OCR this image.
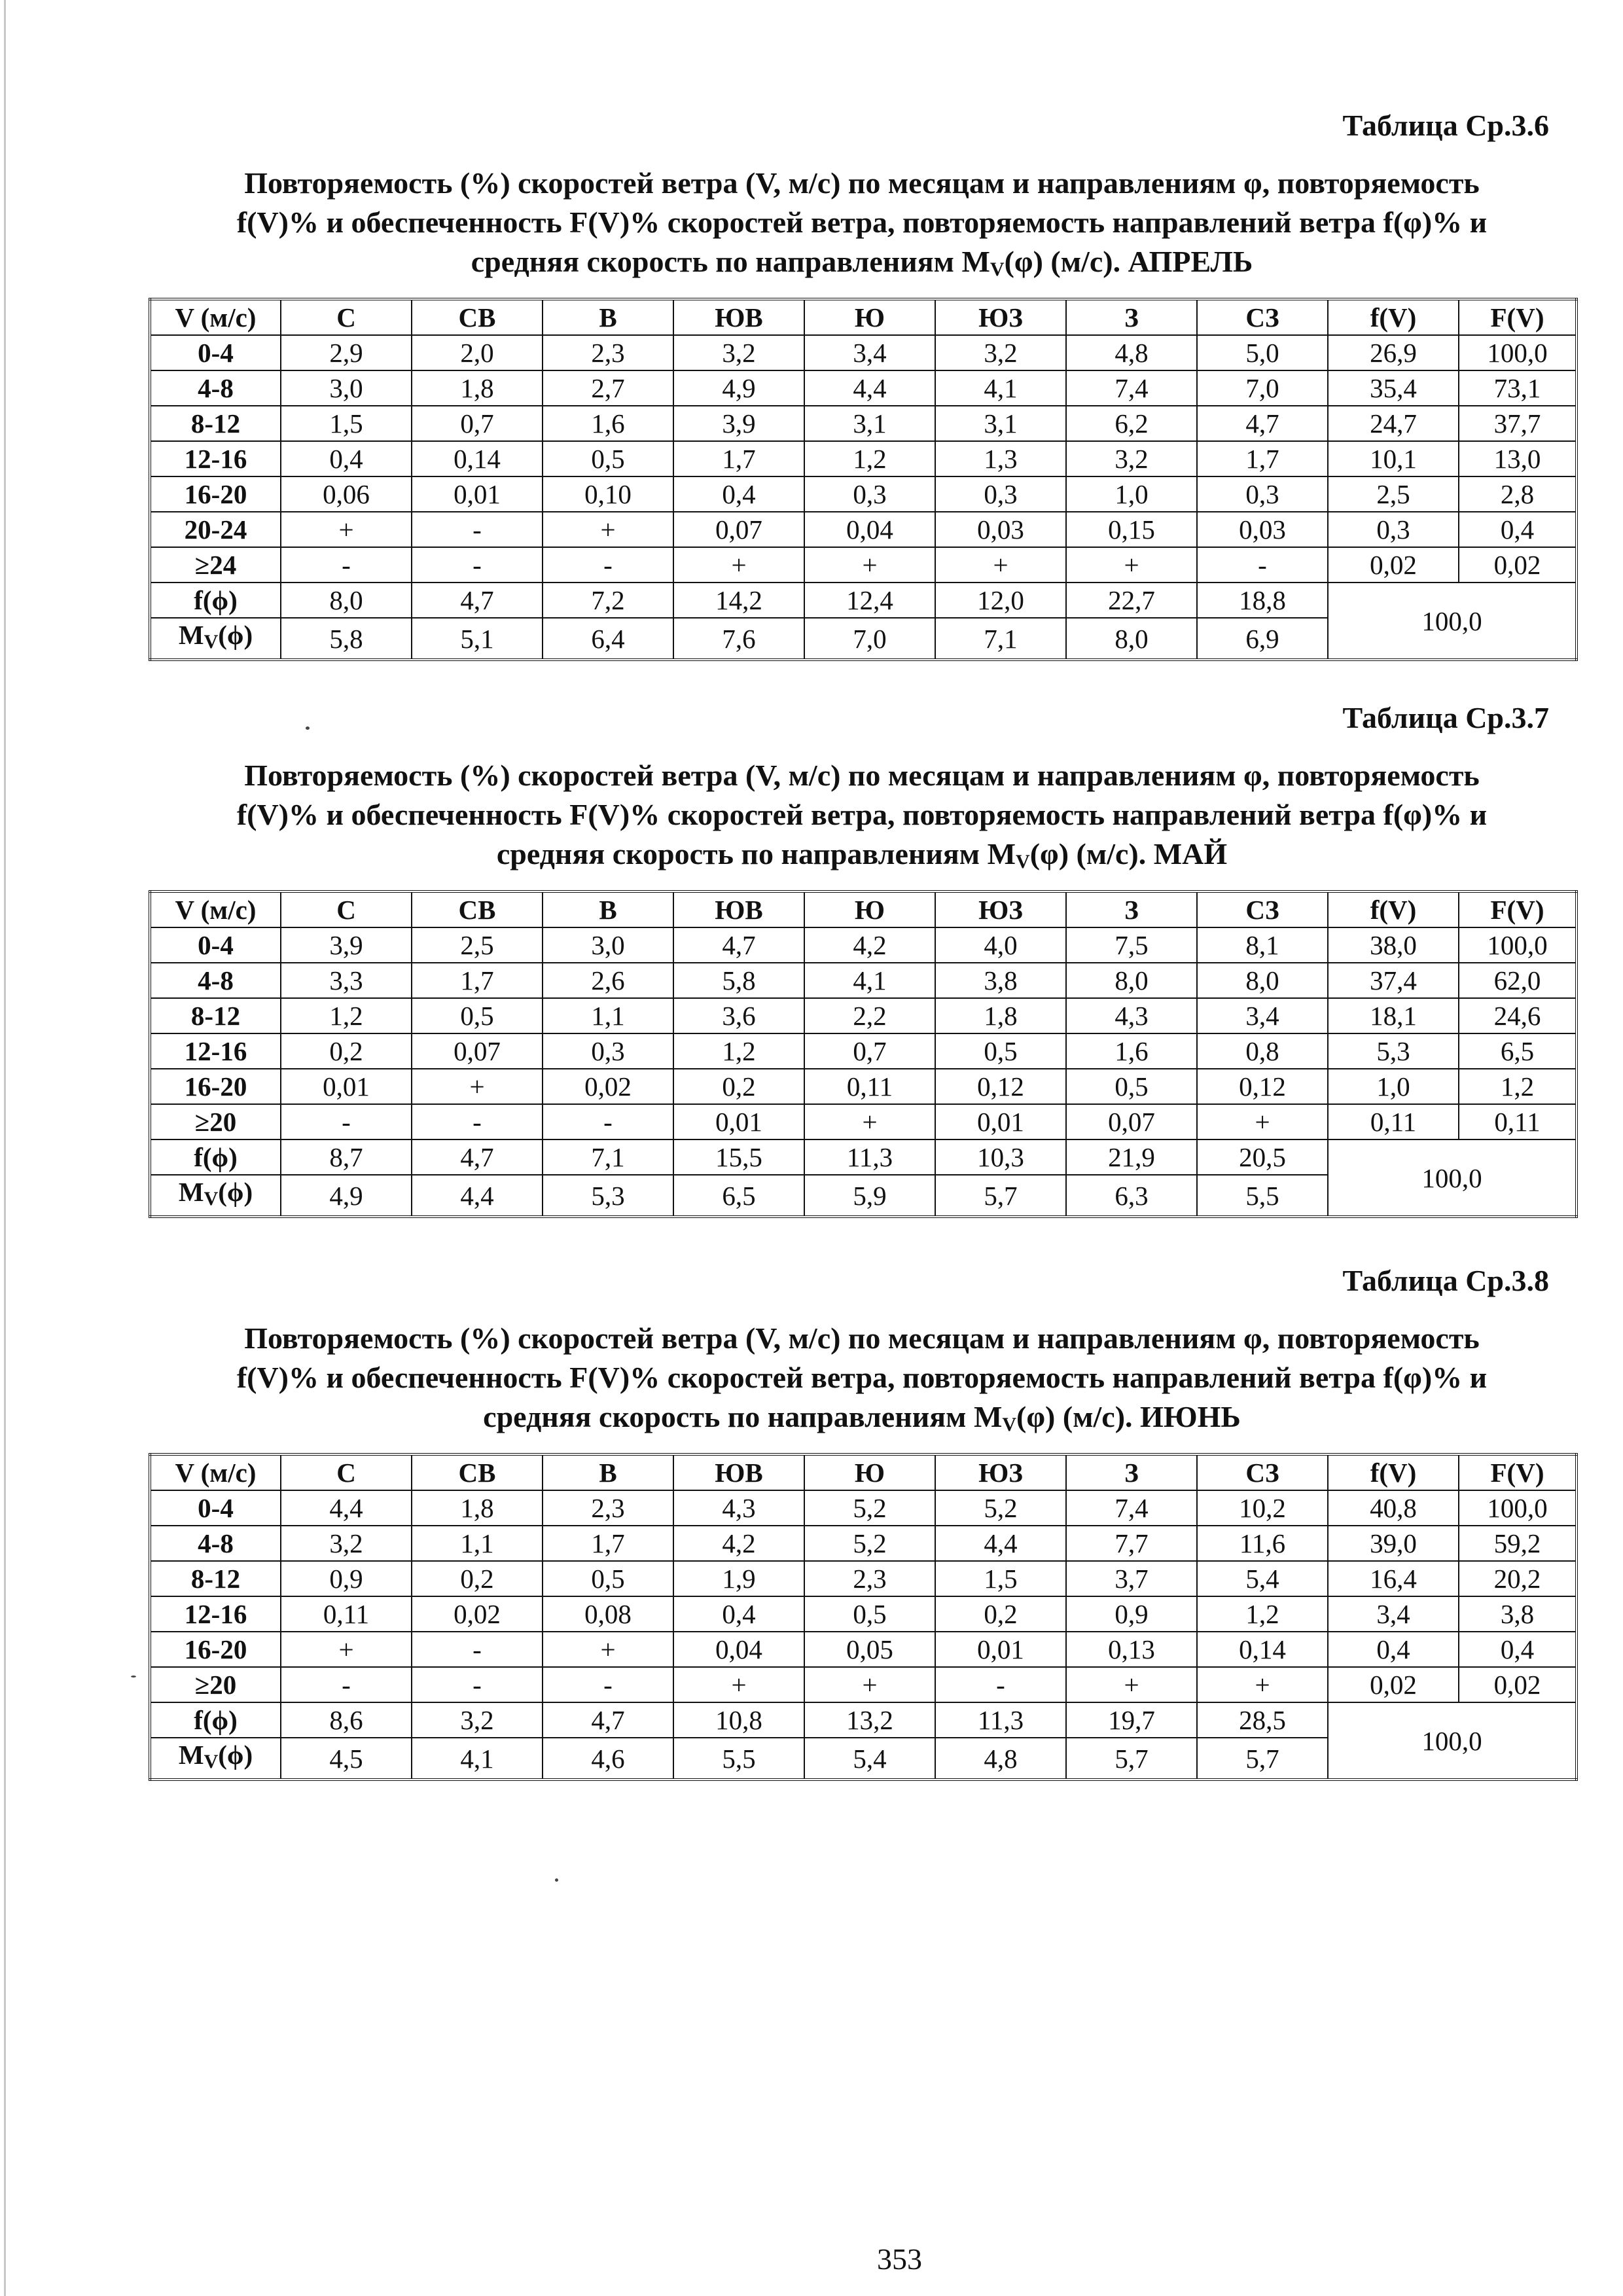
Таблица Ср.3.6
Повторяемость (%) скоростей ветра (V, м/с) по месяцам и направлениям φ, повторяемость
f(V)% и обеспеченность F(V)% скоростей ветра, повторяемость направлений ветра f(φ)% и
средняя скорость по направлениям $M_V(\varphi)$ (м/с). АПРЕЛЬ
V (м/с)	С	СВ	В	ЮВ	Ю	ЮЗ	З	СЗ	f(V)	F(V)
0-4	2,9	2,0	2,3	3,2	3,4	3,2	4,8	5,0	26,9	100,0
4-8	3,0	1,8	2,7	4,9	4,4	4,1	7,4	7,0	35,4	73,1
8-12	1,5	0,7	1,6	3,9	3,1	3,1	6,2	4,7	24,7	37,7
12-16	0,4	0,14	0,5	1,7	1,2	1,3	3,2	1,7	10,1	13,0
16-20	0,06	0,01	0,10	0,4	0,3	0,3	1,0	0,3	2,5	2,8
20-24	+	-	+	0,07	0,04	0,03	0,15	0,03	0,3	0,4
≥24	-	-	-	+	+	+	+	-	0,02	0,02
f(ϕ)	8,0	4,7	7,2	14,2	12,4	12,0	22,7	18,8	100,0	
$M_V(\phi)$	5,8	5,1	6,4	7,6	7,0	7,1	8,0	6,9		
Таблица Ср.3.7
Повторяемость (%) скоростей ветра (V, м/с) по месяцам и направлениям φ, повторяемость
f(V)% и обеспеченность F(V)% скоростей ветра, повторяемость направлений ветра f(φ)% и
средняя скорость по направлениям $M_V(\varphi)$ (м/с). МАЙ
V (м/с)	С	СВ	В	ЮВ	Ю	ЮЗ	З	СЗ	f(V)	F(V)
0-4	3,9	2,5	3,0	4,7	4,2	4,0	7,5	8,1	38,0	100,0
4-8	3,3	1,7	2,6	5,8	4,1	3,8	8,0	8,0	37,4	62,0
8-12	1,2	0,5	1,1	3,6	2,2	1,8	4,3	3,4	18,1	24,6
12-16	0,2	0,07	0,3	1,2	0,7	0,5	1,6	0,8	5,3	6,5
16-20	0,01	+	0,02	0,2	0,11	0,12	0,5	0,12	1,0	1,2
≥20	-	-	-	0,01	+	0,01	0,07	+	0,11	0,11
f(ϕ)	8,7	4,7	7,1	15,5	11,3	10,3	21,9	20,5	100,0	
$M_V(\phi)$	4,9	4,4	5,3	6,5	5,9	5,7	6,3	5,5		
Таблица Ср.3.8
Повторяемость (%) скоростей ветра (V, м/с) по месяцам и направлениям φ, повторяемость
f(V)% и обеспеченность F(V)% скоростей ветра, повторяемость направлений ветра f(φ)% и
средняя скорость по направлениям $M_V(\varphi)$ (м/с). ИЮНЬ
V (м/с)	С	СВ	В	ЮВ	Ю	ЮЗ	З	СЗ	f(V)	F(V)
0-4	4,4	1,8	2,3	4,3	5,2	5,2	7,4	10,2	40,8	100,0
4-8	3,2	1,1	1,7	4,2	5,2	4,4	7,7	11,6	39,0	59,2
8-12	0,9	0,2	0,5	1,9	2,3	1,5	3,7	5,4	16,4	20,2
12-16	0,11	0,02	0,08	0,4	0,5	0,2	0,9	1,2	3,4	3,8
16-20	+	-	+	0,04	0,05	0,01	0,13	0,14	0,4	0,4
≥20	-	-	-	+	+	-	+	+	0,02	0,02
f(ϕ)	8,6	3,2	4,7	10,8	13,2	11,3	19,7	28,5	100,0	
$M_V(\phi)$	4,5	4,1	4,6	5,5	5,4	4,8	5,7	5,7		
353
